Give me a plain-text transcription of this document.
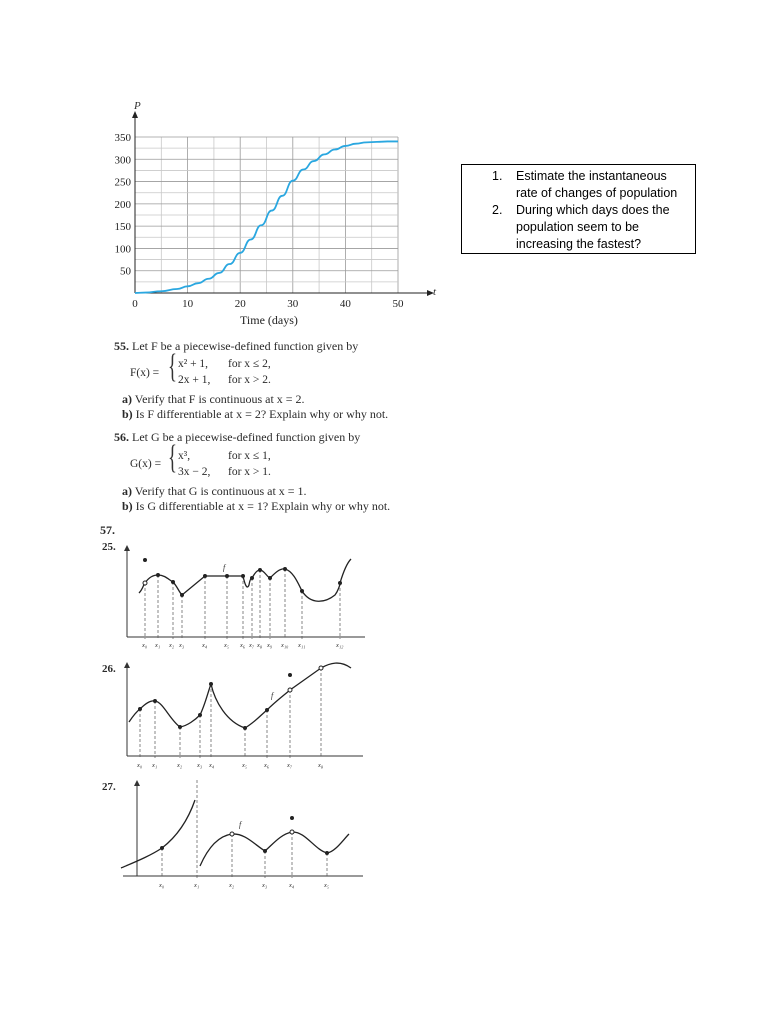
0	10	20	30	40	50
50
100
150
200
250
300
350
P
t
Time (days)
1. Estimate the instantaneous
rate of changes of population
2. During which days does the
population seem to be
increasing the fastest?
55. Let F be a piecewise-defined function given by
F(x) = { x² + 1, for x ≤ 2,
2x + 1, for x > 2.
a) Verify that F is continuous at x = 2.
b) Is F differentiable at x = 2? Explain why or why not.
56. Let G be a piecewise-defined function given by
G(x) = { x³,	for x ≤ 1,
3x − 2, for x > 1.
a) Verify that G is continuous at x = 1.
b) Is G differentiable at x = 1? Explain why or why not.
57.
25.
f
x₀ x₁ x₂ x₃	x₄	x₅ x₆ x₇ x₈ x₉ x₁₀ x₁₁	x₁₂
26.
f
x₀ x₁	x₂ x₃ x₄	x₅	x₆	x₇	x₈
27.
f
x₀	x₁	x₂	x₃	x₄	x₅
